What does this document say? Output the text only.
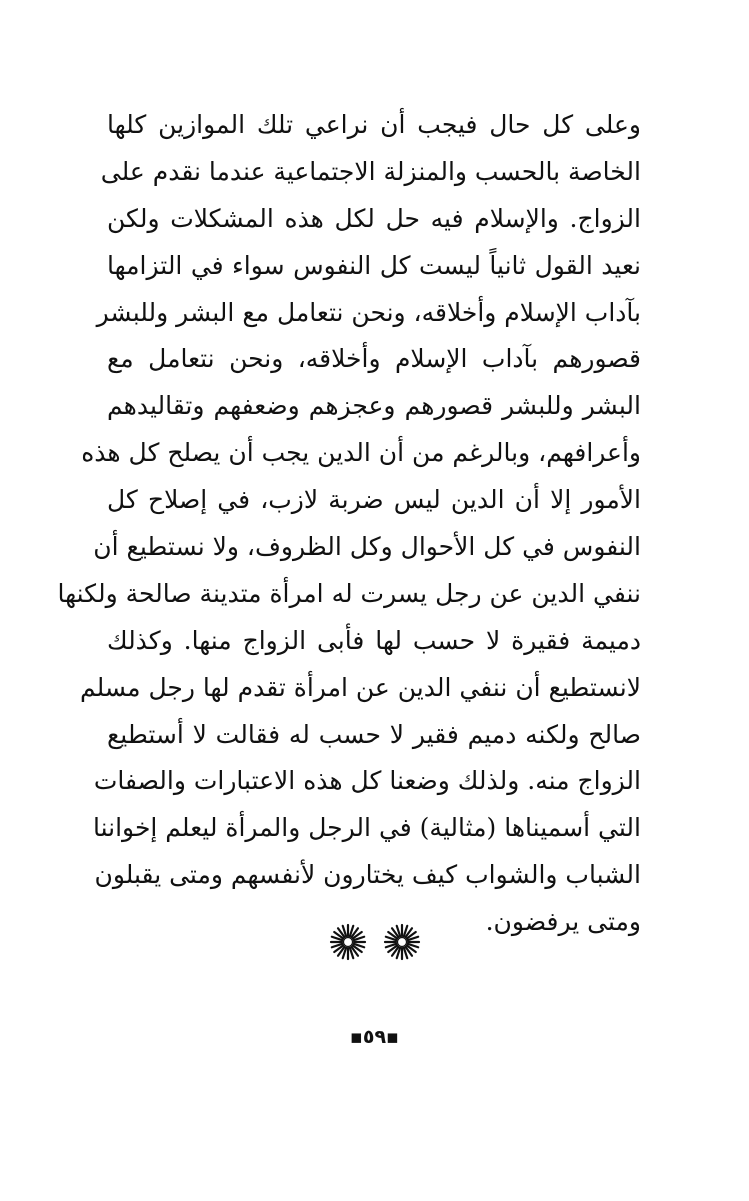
وعلى كل حال فيجب أن نراعي تلك الموازين كلها
الخاصة بالحسب والمنزلة الاجتماعية عندما نقدم على
الزواج. والإسلام فيه حل لكل هذه المشكلات ولكن
نعيد القول ثانياً ليست كل النفوس سواء في التزامها
بآداب الإسلام وأخلاقه، ونحن نتعامل مع البشر وللبشر
قصورهم بآداب الإسلام وأخلاقه، ونحن نتعامل مع
البشر وللبشر قصورهم وعجزهم وضعفهم وتقاليدهم
وأعرافهم، وبالرغم من أن الدين يجب أن يصلح كل هذه
الأمور إلا أن الدين ليس ضربة لازب، في إصلاح كل
النفوس في كل الأحوال وكل الظروف، ولا نستطيع أن
ننفي الدين عن رجل يسرت له امرأة متدينة صالحة ولكنها
دميمة فقيرة لا حسب لها فأبى الزواج منها. وكذلك
لانستطيع أن ننفي الدين عن امرأة تقدم لها رجل مسلم
صالح ولكنه دميم فقير لا حسب له فقالت لا أستطيع
الزواج منه. ولذلك وضعنا كل هذه الاعتبارات والصفات
التي أسميناها (مثالية) في الرجل والمرأة ليعلم إخواننا
الشباب والشواب كيف يختارون لأنفسهم ومتى يقبلون
ومتى يرفضون.
▪٥٩▪
